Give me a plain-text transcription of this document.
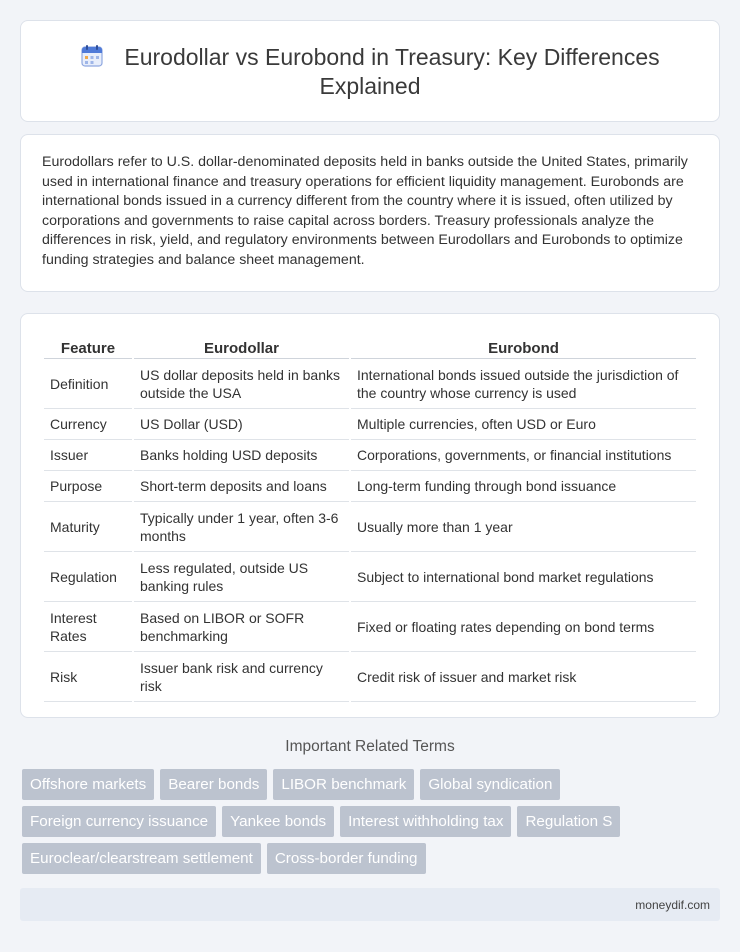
Eurodollar vs Eurobond in Treasury: Key Differences Explained

Eurodollars refer to U.S. dollar-denominated deposits held in banks outside the United States, primarily used in international finance and treasury operations for efficient liquidity management. Eurobonds are international bonds issued in a currency different from the country where it is issued, often utilized by corporations and governments to raise capital across borders. Treasury professionals analyze the differences in risk, yield, and regulatory environments between Eurodollars and Eurobonds to optimize funding strategies and balance sheet management.

Feature	Eurodollar	Eurobond
Definition	US dollar deposits held in banks outside the USA	International bonds issued outside the jurisdiction of the country whose currency is used
Currency	US Dollar (USD)	Multiple currencies, often USD or Euro
Issuer	Banks holding USD deposits	Corporations, governments, or financial institutions
Purpose	Short-term deposits and loans	Long-term funding through bond issuance
Maturity	Typically under 1 year, often 3-6 months	Usually more than 1 year
Regulation	Less regulated, outside US banking rules	Subject to international bond market regulations
Interest Rates	Based on LIBOR or SOFR benchmarking	Fixed or floating rates depending on bond terms
Risk	Issuer bank risk and currency risk	Credit risk of issuer and market risk
Important Related Terms
Offshore markets Bearer bonds LIBOR benchmark Global syndication
Foreign currency issuance Yankee bonds Interest withholding tax Regulation S
Euroclear/clearstream settlement Cross-border funding
moneydif.com
